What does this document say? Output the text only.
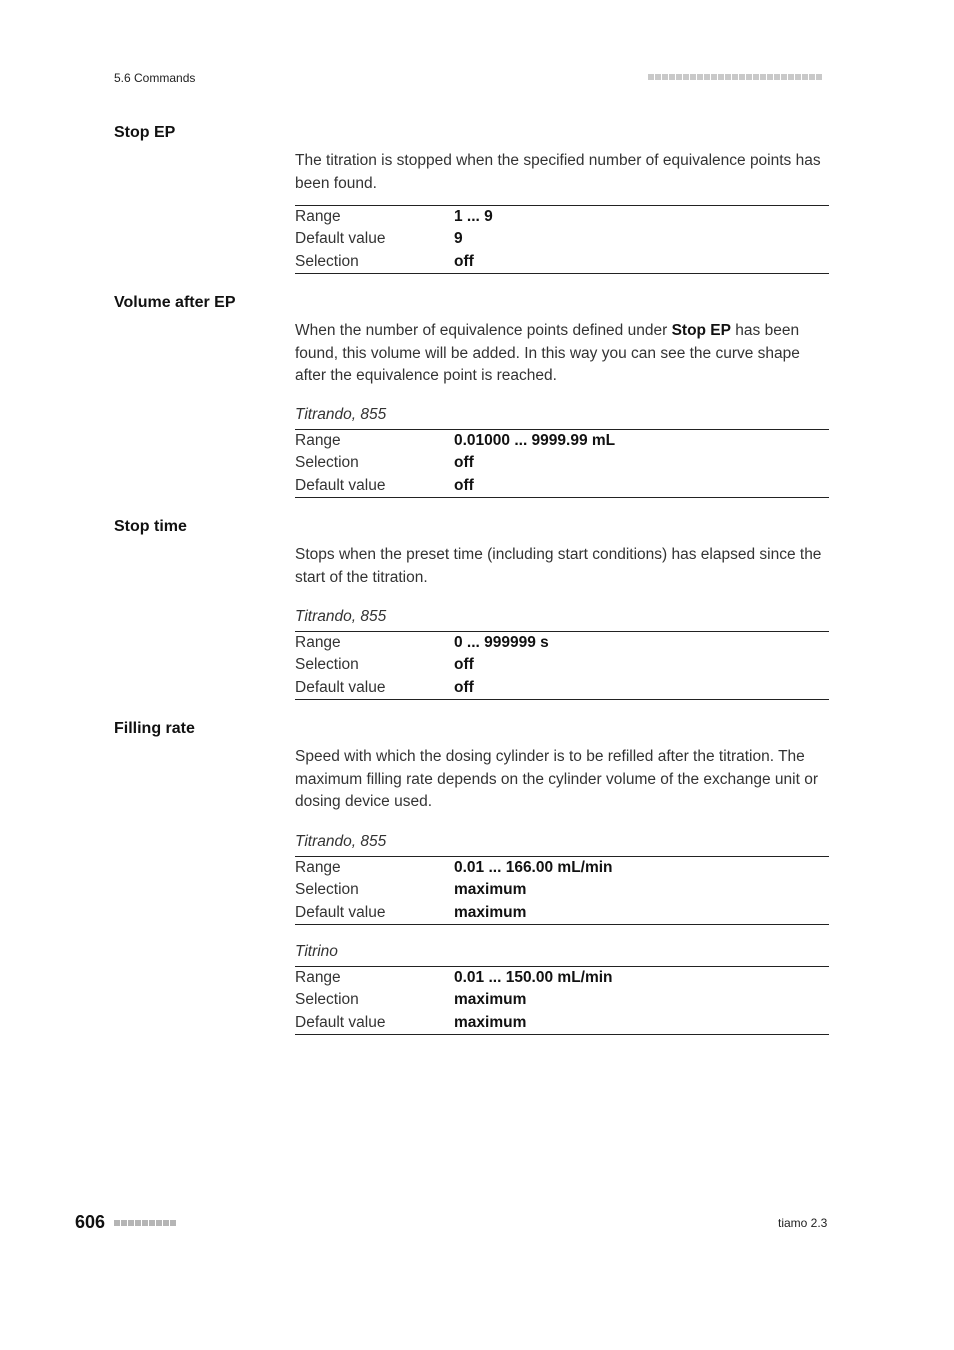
5.6 Commands
Stop EP
The titration is stopped when the specified number of equivalence points has been found.
Range	1 ... 9
Default value	9
Selection	off
Volume after EP
When the number of equivalence points defined under Stop EP has been found, this volume will be added. In this way you can see the curve shape after the equivalence point is reached.
Titrando, 855
Range	0.01000 ... 9999.99 mL
Selection	off
Default value	off
Stop time
Stops when the preset time (including start conditions) has elapsed since the start of the titration.
Titrando, 855
Range	0 ... 999999 s
Selection	off
Default value	off
Filling rate
Speed with which the dosing cylinder is to be refilled after the titration. The maximum filling rate depends on the cylinder volume of the exchange unit or dosing device used.
Titrando, 855
Range	0.01 ... 166.00 mL/min
Selection	maximum
Default value	maximum
Titrino
Range	0.01 ... 150.00 mL/min
Selection	maximum
Default value	maximum
606	tiamo 2.3
